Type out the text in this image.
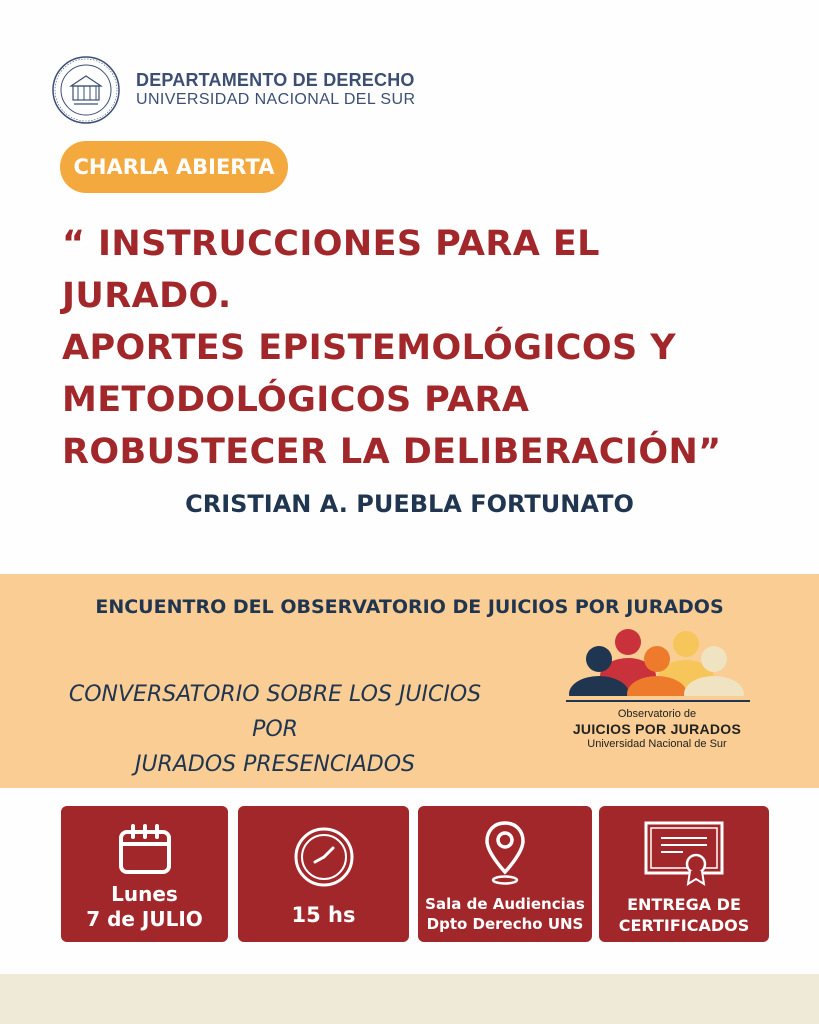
DEPARTAMENTO DE DERECHO
UNIVERSIDAD NACIONAL DEL SUR
CHARLA ABIERTA
“ INSTRUCCIONES PARA EL
JURADO.
APORTES EPISTEMOLÓGICOS Y
METODOLÓGICOS PARA
ROBUSTECER LA DELIBERACIÓN”
CRISTIAN A. PUEBLA FORTUNATO
ENCUENTRO DEL OBSERVATORIO DE JUICIOS POR JURADOS
CONVERSATORIO SOBRE LOS JUICIOS POR
JURADOS PRESENCIADOS
Observatorio de
JUICIOS POR JURADOS
Universidad Nacional de Sur
Lunes
7 de JULIO	15 hs	Sala de Audiencias
Dpto Derecho UNS
ENTREGA DE
CERTIFICADOS
